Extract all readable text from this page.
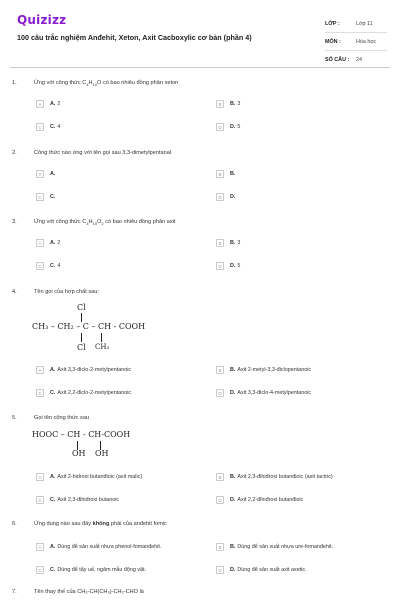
Quizizz
100 câu trắc nghiệm Anđehit, Xeton, Axit Cacboxylic cơ bản (phần 4)
LỚP :	Lớp 11
MÔN :	Hóa học
SỐ CÂU :	24
1.	Ứng với công thức $C_4H_{10}O$ có bao nhiêu đồng phân xeton
A	A. 2	B	B. 3
C	C. 4	D	D. 5
2.	Công thức nào ứng với tên gọi sau 3,3-dimetylpentanal
A	A.	B	B.
C	C.	D	D.
3.	Ứng với công thức $C_4H_{10}O_2$ có bao nhiêu đồng phân axit
A	A. 2	B	B. 3
C	C. 4	D	D. 5
4.	Tên gọi của hợp chất sau:
Cl
CH₃ – CH₂ – C – CH - COOH
Cl CH₃
A	A. Axit 3,3-điclo-2-metylpentanoic	B	B. Axit 2-metyl-3,3-điclopentanoic
C	C. Axit 2,2-điclo-2-metylpentanoic	D	D. Axit 3,3-điclo-4-metylpentanoic
5.	Gọi tên công thức sau
HOOC – CH - CH-COOH
OH OH
A	A. Axit 2-hidroxi butanđioic (axit malic)	B	B. Axit 2,3-đihiđroxi butanđioic (axit tactric)
C	C. Axit 2,3-đihiđroxi butanoic	D	D. Axit 2,2-đihiđroxi butanđioic
6.	Ứng dụng nào sau đây không phải của anđehit fomic
A	A. Dùng để sản xuất nhựa phenol-fomanđehit.	B	B. Dùng để sản xuất nhựa ure-fomanđehit.
C	C. Dùng để tẩy uế, ngâm mẫu động vật.	D	D. Dùng để sản xuất axit axetic.
7.	Tên thay thế của CH₃-CH(CH₃)-CH₂-CHO là
